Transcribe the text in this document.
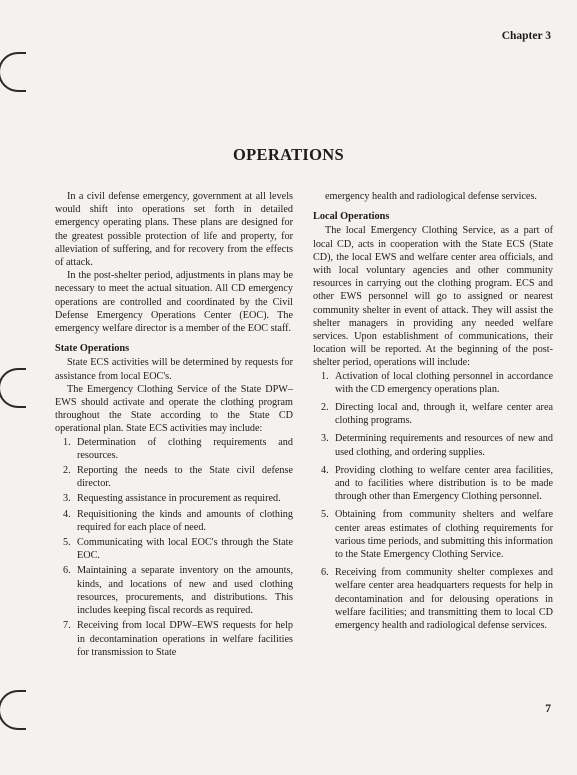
Chapter 3
OPERATIONS

In a civil defense emergency, government at all levels would shift into operations set forth in detailed emergency operating plans. These plans are designed for the greatest possible protection of life and property, for alleviation of suffering, and for recovery from the effects of attack.

In the post-shelter period, adjustments in plans may be necessary to meet the actual situation. All CD emergency operations are controlled and coordinated by the Civil Defense Emergency Operations Center (EOC). The emergency welfare director is a member of the EOC staff.

State Operations

State ECS activities will be determined by requests for assistance from local EOC's.

The Emergency Clothing Service of the State DPW–EWS should activate and operate the clothing program throughout the State according to the State CD operational plan. State ECS activities may include:

1. Determination of clothing requirements and resources.
2. Reporting the needs to the State civil defense director.
3. Requesting assistance in procurement as required.
4. Requisitioning the kinds and amounts of clothing required for each place of need.
5. Communicating with local EOC's through the State EOC.
6. Maintaining a separate inventory on the amounts, kinds, and locations of new and used clothing resources, procurements, and distributions. This includes keeping fiscal records as required.
7. Receiving from local DPW–EWS requests for help in decontamination operations in welfare facilities for transmission to State

emergency health and radiological defense services.

Local Operations

The local Emergency Clothing Service, as a part of local CD, acts in cooperation with the State ECS (State CD), the local EWS and welfare center area officials, and with local voluntary agencies and other community resources in carrying out the clothing program. ECS and other EWS personnel will go to assigned or nearest community shelter in event of attack. They will assist the shelter managers in providing any needed welfare services. Upon establishment of communications, their location will be reported. At the beginning of the post-shelter period, operations will include:

1. Activation of local clothing personnel in accordance with the CD emergency operations plan.
2. Directing local and, through it, welfare center area clothing programs.
3. Determining requirements and resources of new and used clothing, and ordering supplies.
4. Providing clothing to welfare center area facilities, and to facilities where distribution is to be made through other than Emergency Clothing personnel.
5. Obtaining from community shelters and welfare center areas estimates of clothing requirements for various time periods, and submitting this information to the State Emergency Clothing Service.
6. Receiving from community shelter complexes and welfare center area headquarters requests for help in decontamination and for delousing operations in welfare facilities; and transmitting them to local CD emergency health and radiological defense services.
7
